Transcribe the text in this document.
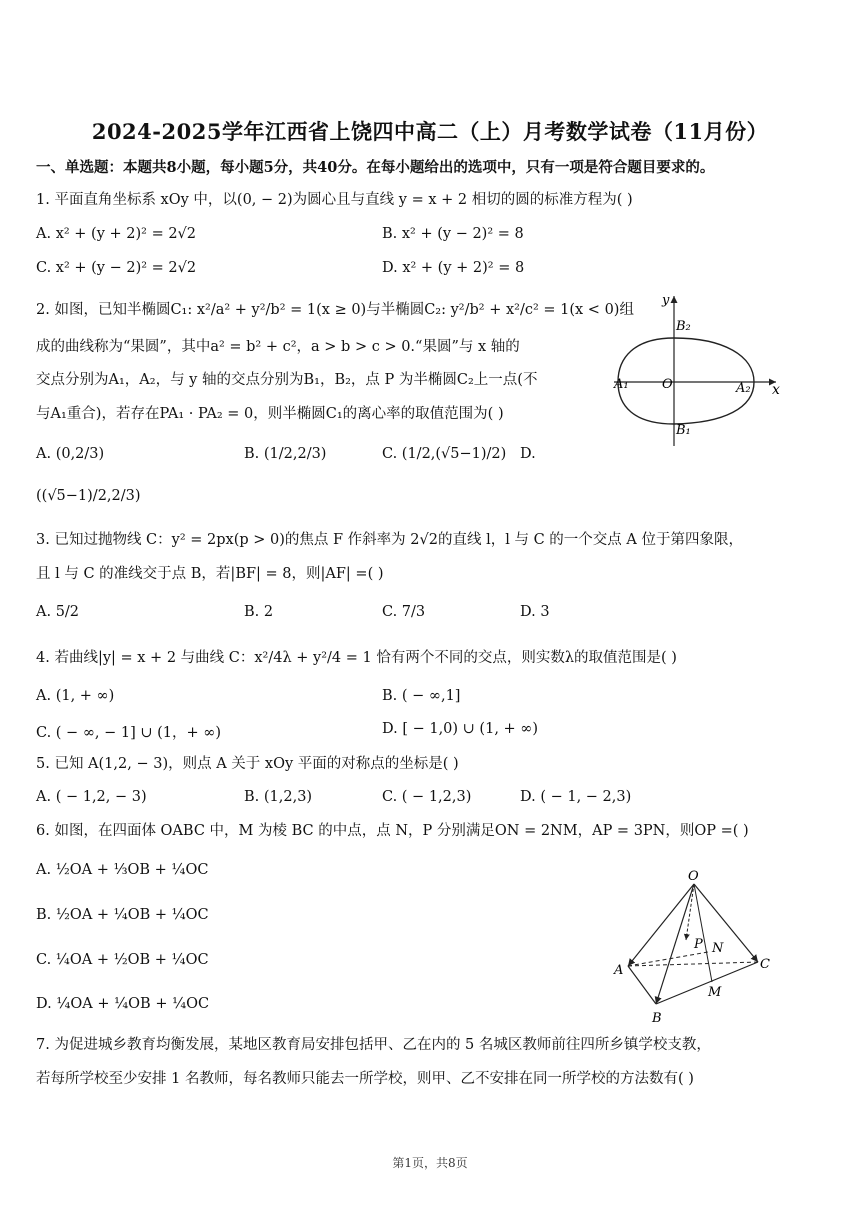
2024-2025学年江西省上饶四中高二（上）月考数学试卷（11月份）
一、单选题：本题共8小题，每小题5分，共40分。在每小题给出的选项中，只有一项是符合题目要求的。
1. 平面直角坐标系 xOy 中，以(0, − 2)为圆心且与直线 y = x + 2 相切的圆的标准方程为( )
A. x² + (y + 2)² = 2√2	B. x² + (y − 2)² = 8
C. x² + (y − 2)² = 2√2	D. x² + (y + 2)² = 8
2. 如图，已知半椭圆C₁: x²/a² + y²/b² = 1(x ≥ 0)与半椭圆C₂: y²/b² + x²/c² = 1(x < 0)组
成的曲线称为“果圆”，其中a² = b² + c²，a > b > c > 0.“果圆”与 x 轴的
交点分别为A₁，A₂，与 y 轴的交点分别为B₁，B₂，点 P 为半椭圆C₂上一点(不
与A₁重合)，若存在PA₁ · PA₂ = 0，则半椭圆C₁的离心率的取值范围为( )
A. (0,2/3)	B. (1/2,2/3)	C. (1/2,(√5−1)/2) D.
((√5−1)/2,2/3)
y
x
O
A₁	A₂
B₁
B₂
3. 已知过抛物线 C：y² = 2px(p > 0)的焦点 F 作斜率为 2√2的直线 l，l 与 C 的一个交点 A 位于第四象限，
且 l 与 C 的准线交于点 B，若|BF| = 8，则|AF| =( )
A. 5/2	B. 2	C. 7/3	D. 3
4. 若曲线|y| = x + 2 与曲线 C：x²/4λ + y²/4 = 1 恰有两个不同的交点，则实数λ的取值范围是( )
A. (1, + ∞)	B. ( − ∞,1]
C. ( − ∞, − 1] ∪ (1，+ ∞)	D. [ − 1,0) ∪ (1, + ∞)
5. 已知 A(1,2, − 3)，则点 A 关于 xOy 平面的对称点的坐标是( )
A. ( − 1,2, − 3)	B. (1,2,3)	C. ( − 1,2,3)	D. ( − 1, − 2,3)
6. 如图，在四面体 OABC 中，M 为棱 BC 的中点，点 N，P 分别满足ON = 2NM，AP = 3PN，则OP =( )
A. ½OA + ⅓OB + ¼OC
B. ½OA + ¼OB + ¼OC
C. ¼OA + ½OB + ¼OC
D. ¼OA + ¼OB + ¼OC
O
A
B
C
M
N
P
7. 为促进城乡教育均衡发展，某地区教育局安排包括甲、乙在内的 5 名城区教师前往四所乡镇学校支教，
若每所学校至少安排 1 名教师，每名教师只能去一所学校，则甲、乙不安排在同一所学校的方法数有( )
第1页，共8页
